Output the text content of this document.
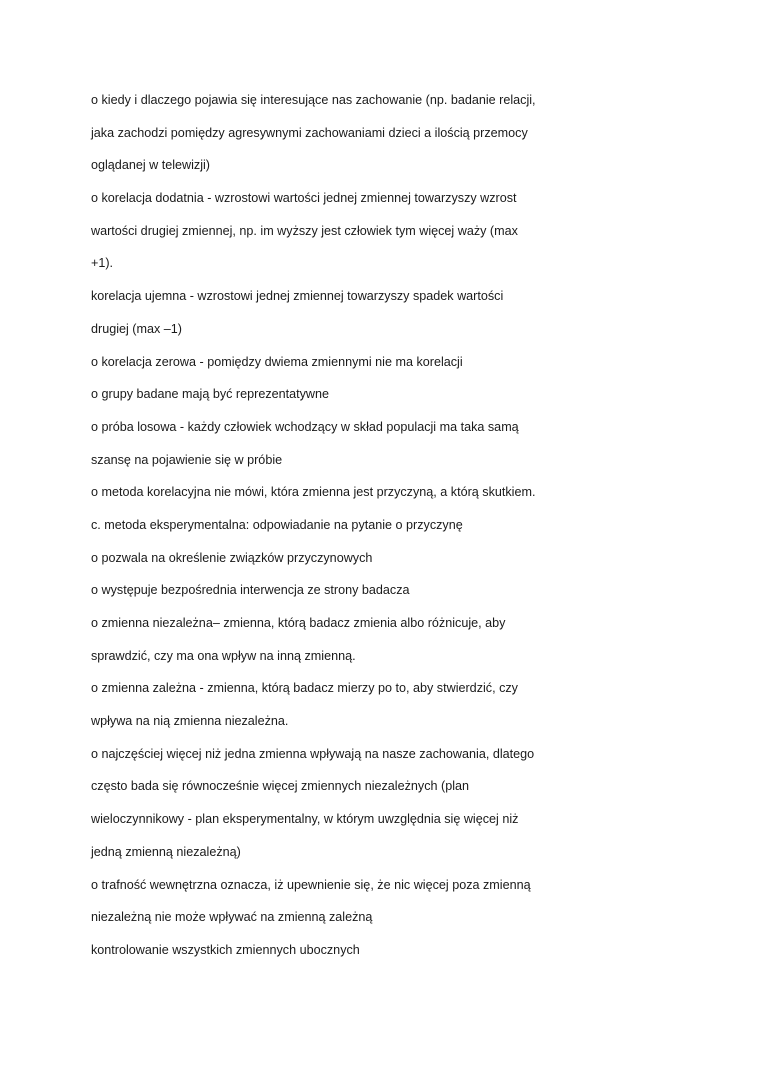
o kiedy i dlaczego pojawia się interesujące nas zachowanie (np. badanie relacji,
jaka zachodzi pomiędzy agresywnymi zachowaniami dzieci a ilością przemocy
oglądanej w telewizji)
o korelacja dodatnia - wzrostowi wartości jednej zmiennej towarzyszy wzrost
wartości drugiej zmiennej, np. im wyższy jest człowiek tym więcej waży (max
+1).
korelacja ujemna - wzrostowi jednej zmiennej towarzyszy spadek wartości
drugiej (max –1)
o korelacja zerowa - pomiędzy dwiema zmiennymi nie ma korelacji
o grupy badane mają być reprezentatywne
o próba losowa - każdy człowiek wchodzący w skład populacji ma taka samą
szansę na pojawienie się w próbie
o metoda korelacyjna nie mówi, która zmienna jest przyczyną, a którą skutkiem.
c. metoda eksperymentalna: odpowiadanie na pytanie o przyczynę
o pozwala na określenie związków przyczynowych
o występuje bezpośrednia interwencja ze strony badacza
o zmienna niezależna– zmienna, którą badacz zmienia albo różnicuje, aby
sprawdzić, czy ma ona wpływ na inną zmienną.
o zmienna zależna - zmienna, którą badacz mierzy po to, aby stwierdzić, czy
wpływa na nią zmienna niezależna.
o najczęściej więcej niż jedna zmienna wpływają na nasze zachowania, dlatego
często bada się równocześnie więcej zmiennych niezależnych (plan
wieloczynnikowy - plan eksperymentalny, w którym uwzględnia się więcej niż
jedną zmienną niezależną)
o trafność wewnętrzna oznacza, iż upewnienie się, że nic więcej poza zmienną
niezależną nie może wpływać na zmienną zależną
kontrolowanie wszystkich zmiennych ubocznych
